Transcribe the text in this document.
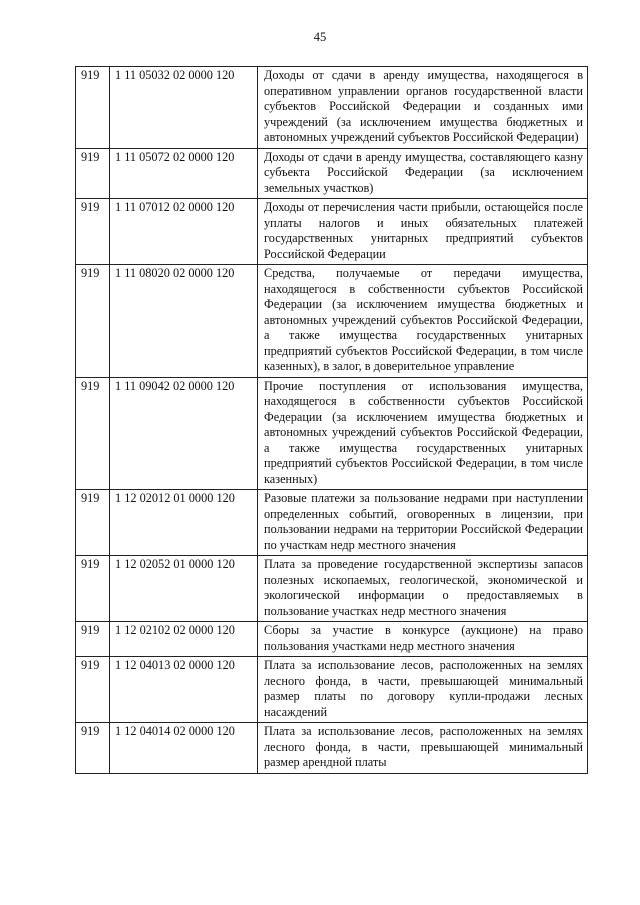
45
919	1 11 05032 02 0000 120	Доходы от сдачи в аренду имущества, находящегося в оперативном управлении органов государственной власти субъектов Российской Федерации и созданных ими учреждений (за исключением имущества бюджетных и автономных учреждений субъектов Российской Федерации)
919	1 11 05072 02 0000 120	Доходы от сдачи в аренду имущества, составляющего казну субъекта Российской Федерации (за исключением земельных участков)
919	1 11 07012 02 0000 120	Доходы от перечисления части прибыли, остающейся после уплаты налогов и иных обязательных платежей государственных унитарных предприятий субъектов Российской Федерации
919	1 11 08020 02 0000 120	Средства, получаемые от передачи имущества, находящегося в собственности субъектов Российской Федерации (за исключением имущества бюджетных и автономных учреждений субъектов Российской Федерации, а также имущества государственных унитарных предприятий субъектов Российской Федерации, в том числе казенных), в залог, в доверительное управление
919	1 11 09042 02 0000 120	Прочие поступления от использования имущества, находящегося в собственности субъектов Российской Федерации (за исключением имущества бюджетных и автономных учреждений субъектов Российской Федерации, а также имущества государственных унитарных предприятий субъектов Российской Федерации, в том числе казенных)
919	1 12 02012 01 0000 120	Разовые платежи за пользование недрами при наступлении определенных событий, оговоренных в лицензии, при пользовании недрами на территории Российской Федерации по участкам недр местного значения
919	1 12 02052 01 0000 120	Плата за проведение государственной экспертизы запасов полезных ископаемых, геологической, экономической и экологической информации о предоставляемых в пользование участках недр местного значения
919	1 12 02102 02 0000 120	Сборы за участие в конкурсе (аукционе) на право пользования участками недр местного значения
919	1 12 04013 02 0000 120	Плата за использование лесов, расположенных на землях лесного фонда, в части, превышающей минимальный размер платы по договору купли-продажи лесных насаждений
919	1 12 04014 02 0000 120	Плата за использование лесов, расположенных на землях лесного фонда, в части, превышающей минимальный размер арендной платы
